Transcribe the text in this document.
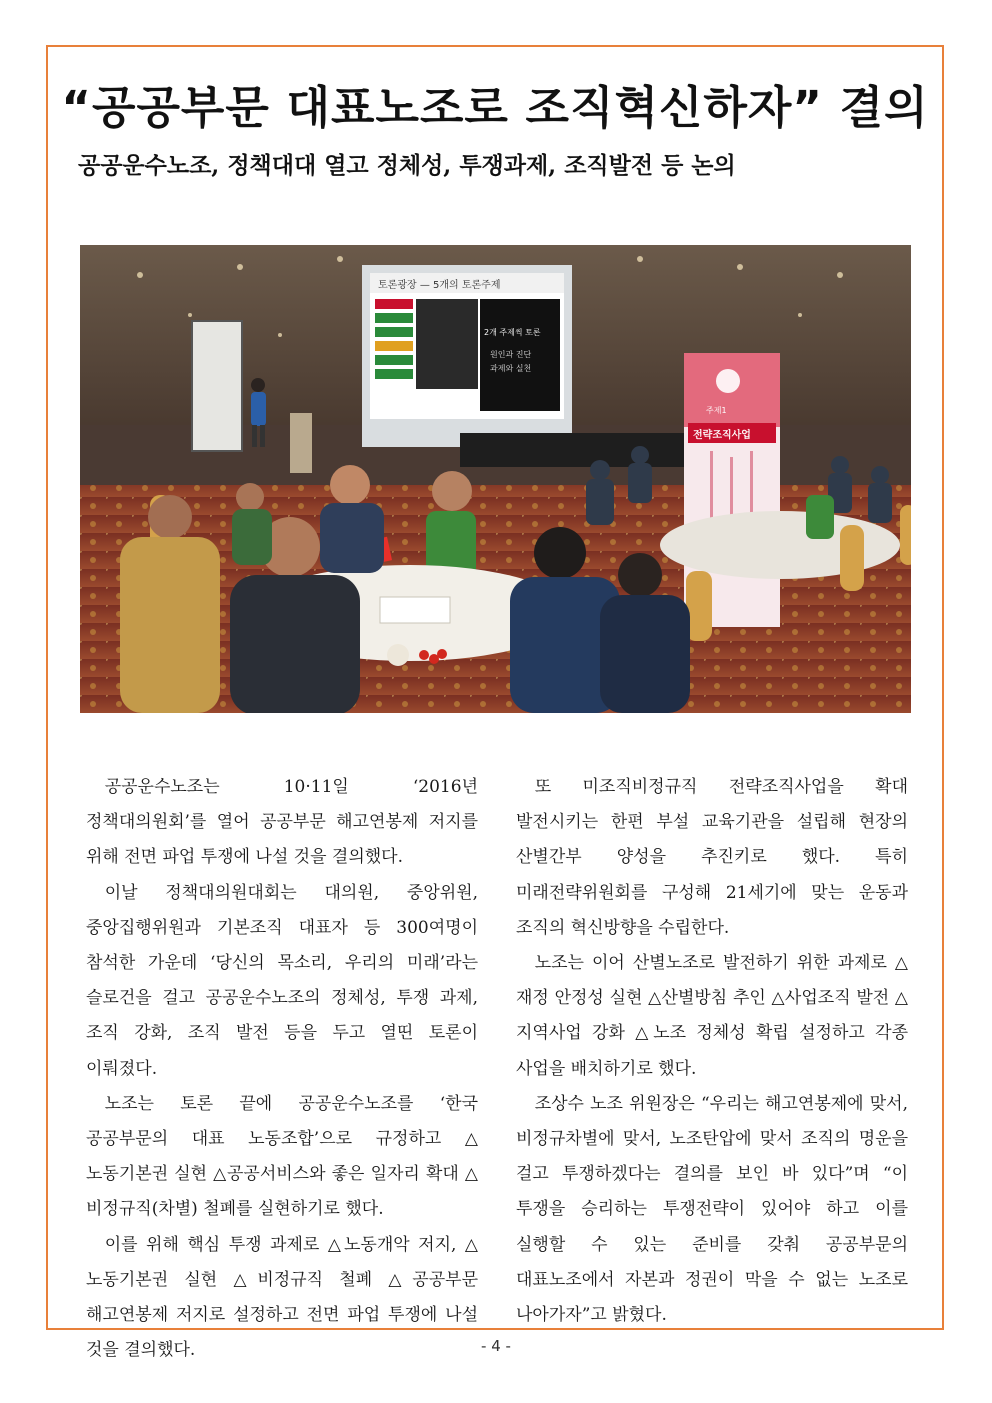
“공공부문 대표노조로 조직혁신하자” 결의
공공운수노조, 정책대대 열고 정체성, 투쟁과제, 조직발전 등 논의
토론광장 — 5개의 토론주제
2개 주제씩 토론
원인과 진단
과제와 실천
주제1
전략조직사업

공공운수노조는 10·11일 ‘2016년 정책대의원회’를 열어 공공부문 해고연봉제 저지를 위해 전면 파업 투쟁에 나설 것을 결의했다.

이날 정책대의원대회는 대의원, 중앙위원, 중앙집행위원과 기본조직 대표자 등 300여명이 참석한 가운데 ‘당신의 목소리, 우리의 미래’라는 슬로건을 걸고 공공운수노조의 정체성, 투쟁 과제, 조직 강화, 조직 발전 등을 두고 열띤 토론이 이뤄졌다.

노조는 토론 끝에 공공운수노조를 ‘한국 공공부문의 대표 노동조합’으로 규정하고 △노동기본권 실현 △공공서비스와 좋은 일자리 확대 △비정규직(차별) 철폐를 실현하기로 했다.

이를 위해 핵심 투쟁 과제로 △노동개악 저지, △노동기본권 실현 △비정규직 철폐 △공공부문 해고연봉제 저지로 설정하고 전면 파업 투쟁에 나설 것을 결의했다.

또 미조직비정규직 전략조직사업을 확대 발전시키는 한편 부설 교육기관을 설립해 현장의 산별간부 양성을 추진키로 했다. 특히 미래전략위원회를 구성해 21세기에 맞는 운동과 조직의 혁신방향을 수립한다.

노조는 이어 산별노조로 발전하기 위한 과제로 △재정 안정성 실현 △산별방침 추인 △사업조직 발전 △지역사업 강화 △노조 정체성 확립 설정하고 각종 사업을 배치하기로 했다.

조상수 노조 위원장은 “우리는 해고연봉제에 맞서, 비정규차별에 맞서, 노조탄압에 맞서 조직의 명운을 걸고 투쟁하겠다는 결의를 보인 바 있다”며 “이 투쟁을 승리하는 투쟁전략이 있어야 하고 이를 실행할 수 있는 준비를 갖춰 공공부문의 대표노조에서 자본과 정권이 막을 수 없는 노조로 나아가자”고 밝혔다.

- 4 -
